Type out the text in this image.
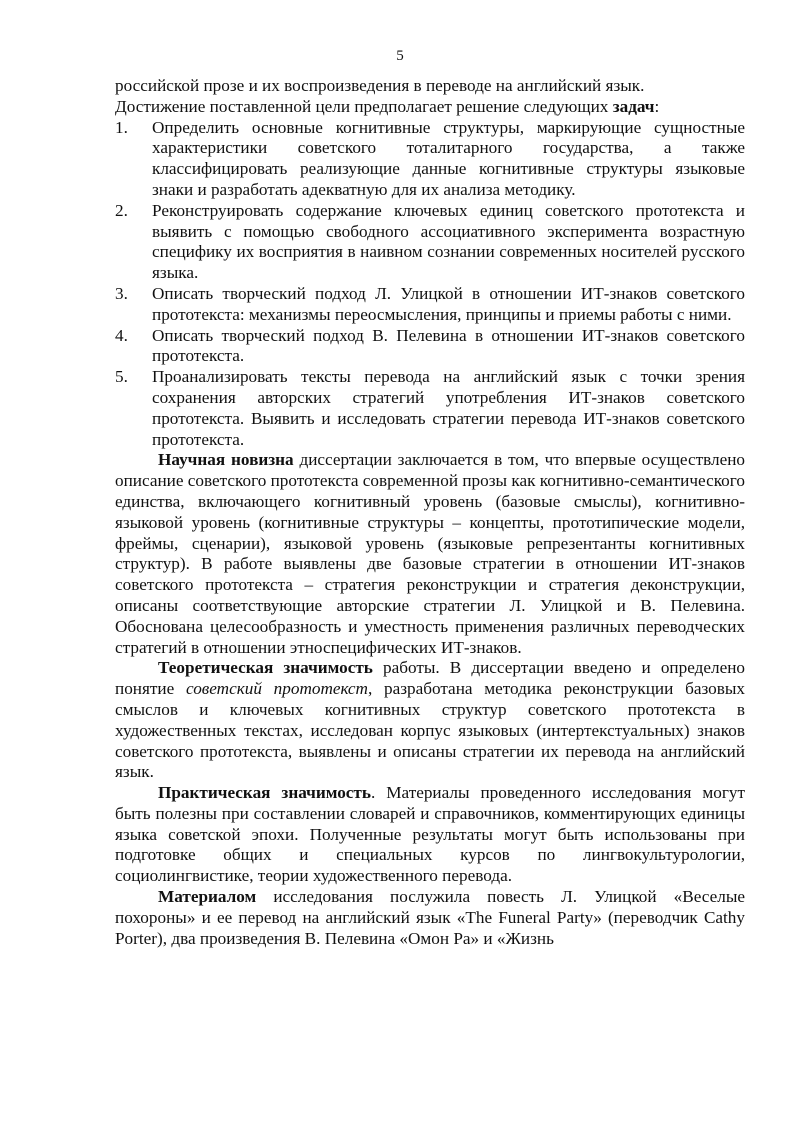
5

российской прозе и их воспроизведения в переводе на английский язык.
Достижение поставленной цели предполагает решение следующих задач:

1. Определить основные когнитивные структуры, маркирующие сущностные характеристики советского тоталитарного государства, а также классифицировать реализующие данные когнитивные структуры языковые знаки и разработать адекватную для их анализа методику.
2. Реконструировать содержание ключевых единиц советского прототекста и выявить с помощью свободного ассоциативного эксперимента возрастную специфику их восприятия в наивном сознании современных носителей русского языка.
3. Описать творческий подход Л. Улицкой в отношении ИТ-знаков советского прототекста: механизмы переосмысления, принципы и приемы работы с ними.
4. Описать творческий подход В. Пелевина в отношении ИТ-знаков советского прототекста.
5. Проанализировать тексты перевода на английский язык с точки зрения сохранения авторских стратегий употребления ИТ-знаков советского прототекста. Выявить и исследовать стратегии перевода ИТ-знаков советского прототекста.

Научная новизна диссертации заключается в том, что впервые осуществлено описание советского прототекста современной прозы как когнитивно-семантического единства, включающего когнитивный уровень (базовые смыслы), когнитивно-языковой уровень (когнитивные структуры – концепты, прототипические модели, фреймы, сценарии), языковой уровень (языковые репрезентанты когнитивных структур). В работе выявлены две базовые стратегии в отношении ИТ-знаков советского прототекста – стратегия реконструкции и стратегия деконструкции, описаны соответствующие авторские стратегии Л. Улицкой и В. Пелевина. Обоснована целесообразность и уместность применения различных переводческих стратегий в отношении этноспецифических ИТ-знаков.

Теоретическая значимость работы. В диссертации введено и определено понятие советский прототекст, разработана методика реконструкции базовых смыслов и ключевых когнитивных структур советского прототекста в художественных текстах, исследован корпус языковых (интертекстуальных) знаков советского прототекста, выявлены и описаны стратегии их перевода на английский язык.

Практическая значимость. Материалы проведенного исследования могут быть полезны при составлении словарей и справочников, комментирующих единицы языка советской эпохи. Полученные результаты могут быть использованы при подготовке общих и специальных курсов по лингвокультурологии, социолингвистике, теории художественного перевода.

Материалом исследования послужила повесть Л. Улицкой «Веселые похороны» и ее перевод на английский язык «The Funeral Party» (переводчик Cathy Porter), два произведения В. Пелевина «Омон Ра» и «Жизнь
